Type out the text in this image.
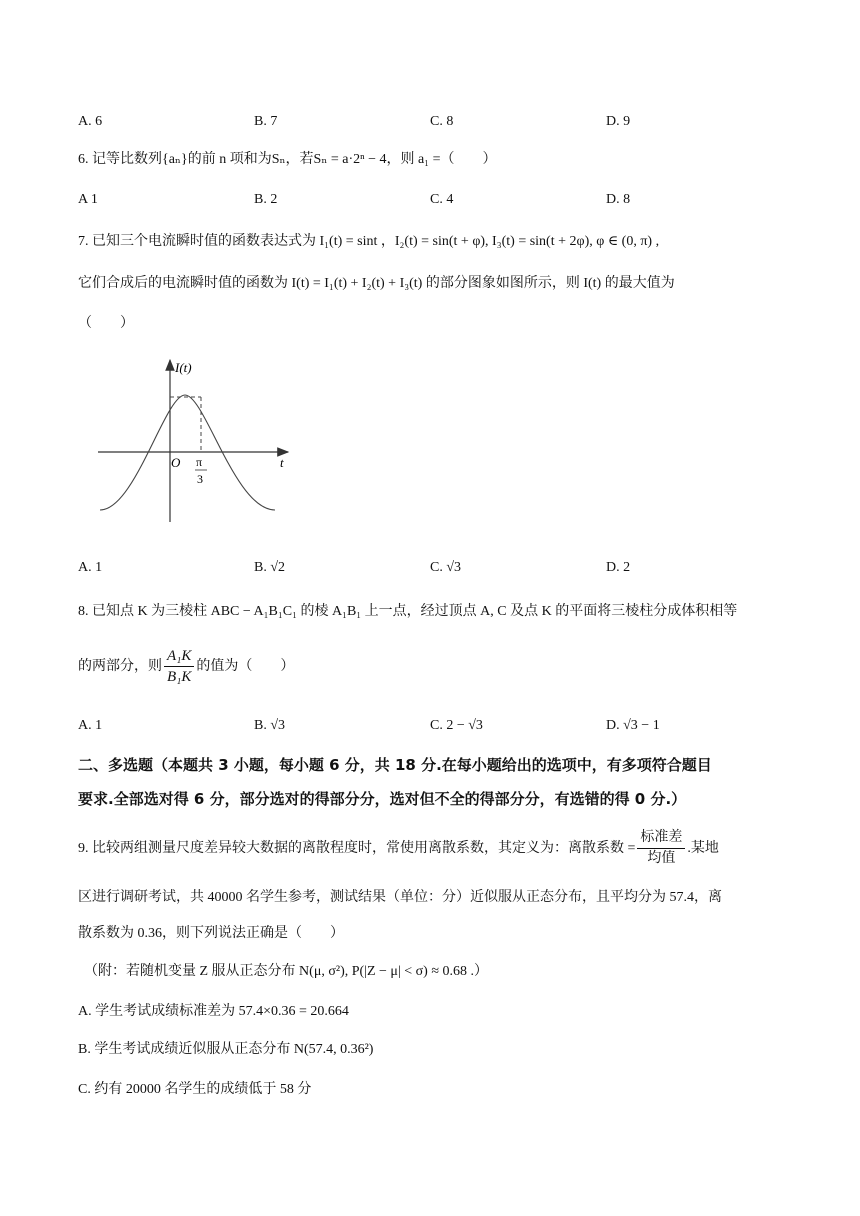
A. 6	B. 7	C. 8	D. 9
6. 记等比数列{aₙ}的前 n 项和为Sₙ，若Sₙ = a·2ⁿ − 4，则 a₁ =（　　）
A 1	B. 2	C. 4	D. 8
7. 已知三个电流瞬时值的函数表达式为 I₁(t) = sint ，I₂(t) = sin(t + φ), I₃(t) = sin(t + 2φ), φ ∈ (0, π) ,
它们合成后的电流瞬时值的函数为 I(t) = I₁(t) + I₂(t) + I₃(t) 的部分图象如图所示，则 I(t) 的最大值为
（　　）
I(t)
O π
3
t
A. 1	B. √2	C. √3	D. 2
8. 已知点 K 为三棱柱 ABC − A₁B₁C₁ 的棱 A₁B₁ 上一点，经过顶点 A, C 及点 K 的平面将三棱柱分成体积相等
的两部分，则 $\frac{\text{A₁K}}{\text{B₁K}}$ 的值为（　　）
A. 1	B. √3	C. 2 − √3	D. √3 − 1
二、多选题（本题共 3 小题，每小题 6 分，共 18 分.在每小题给出的选项中，有多项符合题目
要求.全部选对得 6 分，部分选对的得部分分，选对但不全的得部分分，有选错的得 0 分.）
9. 比较两组测量尺度差异较大数据的离散程度时，常使用离散系数，其定义为：离散系数 = $\frac{\text{标准差}}{\text{均值}}$ .某地
区进行调研考试，共 40000 名学生参考，测试结果（单位：分）近似服从正态分布，且平均分为 57.4，离
散系数为 0.36，则下列说法正确是（　　）
（附：若随机变量 Z 服从正态分布 N(μ, σ²), P(|Z − μ| < σ) ≈ 0.68 .）
A. 学生考试成绩标准差为 57.4×0.36 = 20.664
B. 学生考试成绩近似服从正态分布 N(57.4, 0.36²)
C. 约有 20000 名学生的成绩低于 58 分
